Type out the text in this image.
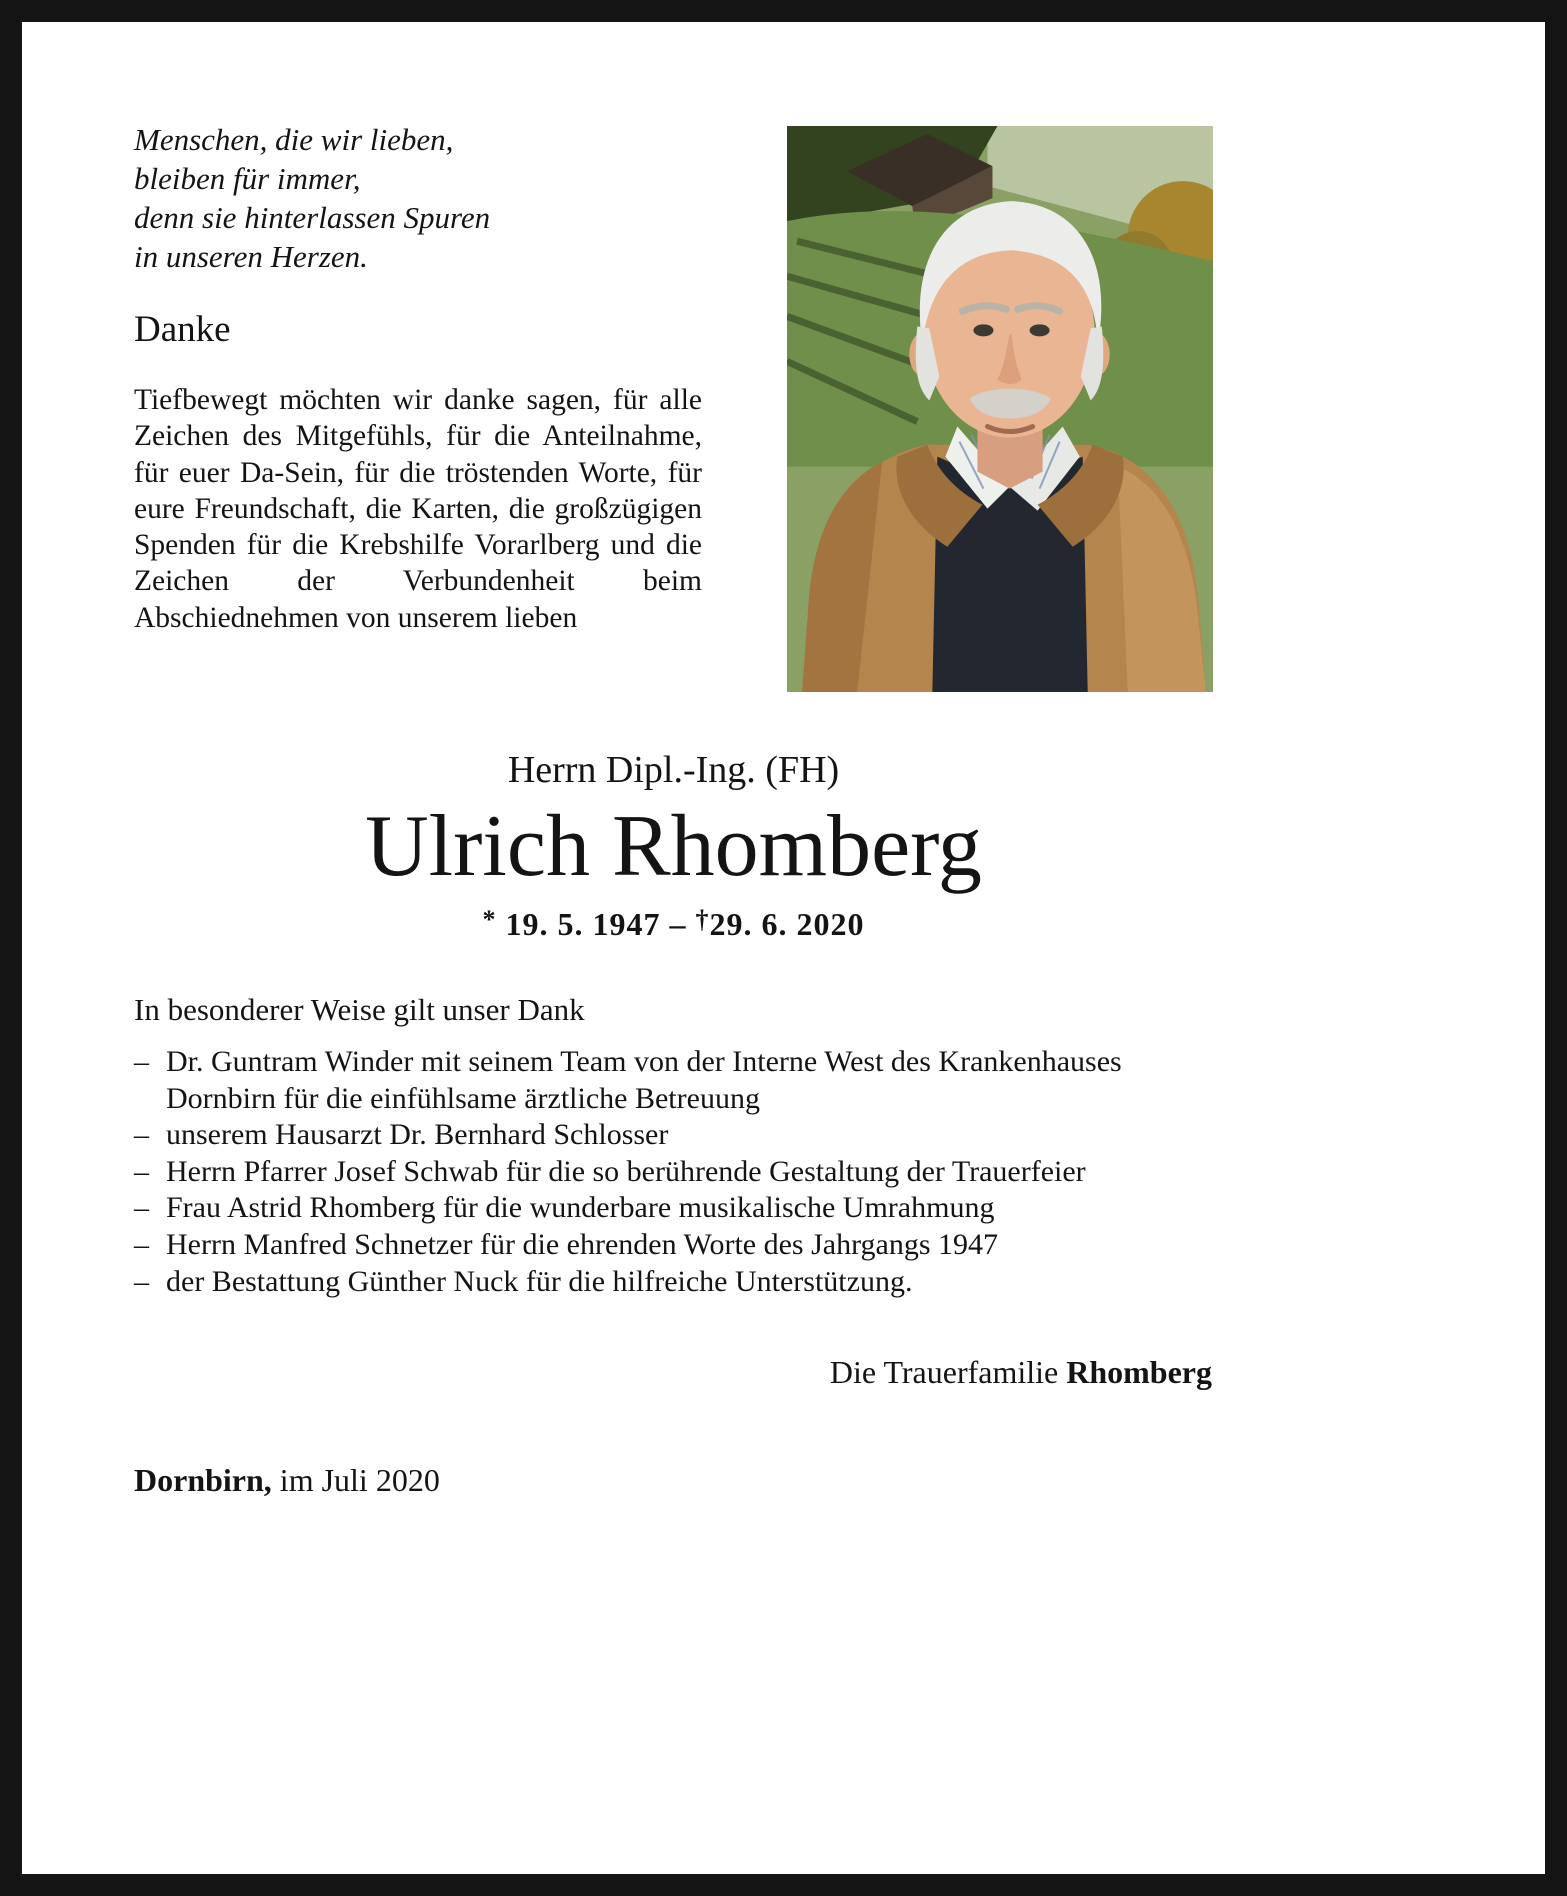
Menschen, die wir lieben,
bleiben für immer,
denn sie hinterlassen Spuren
in unseren Herzen.
Danke
Tiefbewegt möchten wir danke sagen, für alle Zeichen des Mitgefühls, für die Anteilnahme, für euer Da-Sein, für die tröstenden Worte, für eure Freundschaft, die Karten, die großzügigen Spenden für die Krebshilfe Vorarlberg und die Zeichen der Verbundenheit beim Abschiednehmen von unserem lieben
Herrn Dipl.-Ing. (FH)
Ulrich Rhomberg
* 19. 5. 1947 – †29. 6. 2020
In besonderer Weise gilt unser Dank
– Dr. Guntram Winder mit seinem Team von der Interne West des Krankenhauses Dornbirn für die einfühlsame ärztliche Betreuung
– unserem Hausarzt Dr. Bernhard Schlosser
– Herrn Pfarrer Josef Schwab für die so berührende Gestaltung der Trauerfeier
– Frau Astrid Rhomberg für die wunderbare musikalische Umrahmung
– Herrn Manfred Schnetzer für die ehrenden Worte des Jahrgangs 1947
– der Bestattung Günther Nuck für die hilfreiche Unterstützung.
Die Trauerfamilie Rhomberg
Dornbirn, im Juli 2020
